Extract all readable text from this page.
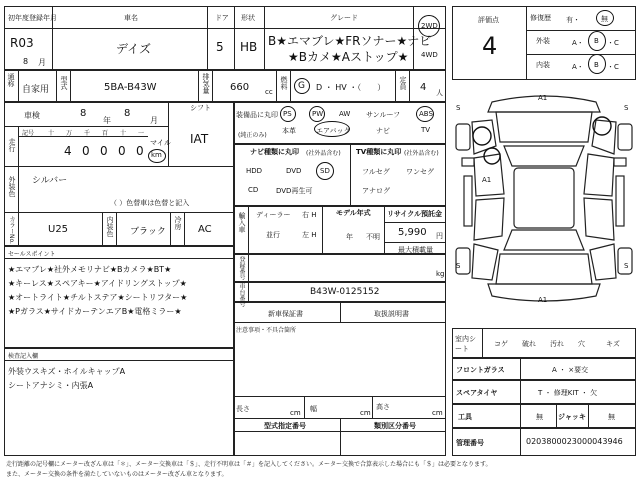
初年度登録年月	車名	ドア 形状	グレード
R03
8 月
デイズ	5 HB B★エマブレ★FRソナー★ナビ
★Bカメ★Aストップ★
2WD
4WD
通称
自家用 型式	5BA-B43W	排気量 660 cc
燃料 G D ・ HV ・（　　） 定員 4 人
車検	8
年
8
月
シフト
IAT
走行
記号 十 万 千 百 十 一
4 0 0 0 0
マイル
km
外装色 シルバー
（ ）色替車は色替と記入
カラーNo.	U25	内装色 ブラック
冷房 AC
装備品に丸印
(純正のみ)
PS	PW AW サンルーフ	ABS
本革	エアバック	ナビ	TV
ナビ種類に丸印 (社外品含む) TV種類に丸印 (社外品含む)
HDD	DVD	SD
CD	DVD再生可
フルセグ ワンセグ
アナログ
輸入車 ディーラー 右 H
並行	左 H
モデル年式
年 不明
リサイクル預託金
5,990 円
最大積載量
登録番号	kg
車台番号	B43W-0125152
セールスポイント
★エマブレ★社外メモリナビ★Bカメラ★BT★
★キーレス★スペアキー★アイドリングストップ★
★オートライト★チルトステア★シートリフター★
★Pガラス★サイドカーテンエアB★電格ミラー★
検査記入欄
外装ウスキズ・ホイルキャップA
シートアナシミ・内張A
新車保証書	取扱説明書
注意事項・不具合箇所
長さ	cm 幅	cm
高さ
cm
型式指定番号	類別区分番号
評価点
4
修復歴 有・	無
外装	A・ B ・C
内装	A・ B ・C
S	S
S	S
A1
A1
A1
室内シート
コゲ 破れ 汚れ 穴	キズ
フロントガラス	A ・ ×要交
スペアタイヤ	T ・ 修理KIT ・ 欠
工具	無 ジャッキ	無
管理番号	0203800023000043946
走行距離の記号欄にメーター改ざん車は「＊」、メーター交換車は「＄」、走行不明車は「＃」を記入してください。メーター交換で合算表示した場合にも「＄」は必要となります。
また、メーター交換の条件を満たしていないものはメーター改ざん車となります。
